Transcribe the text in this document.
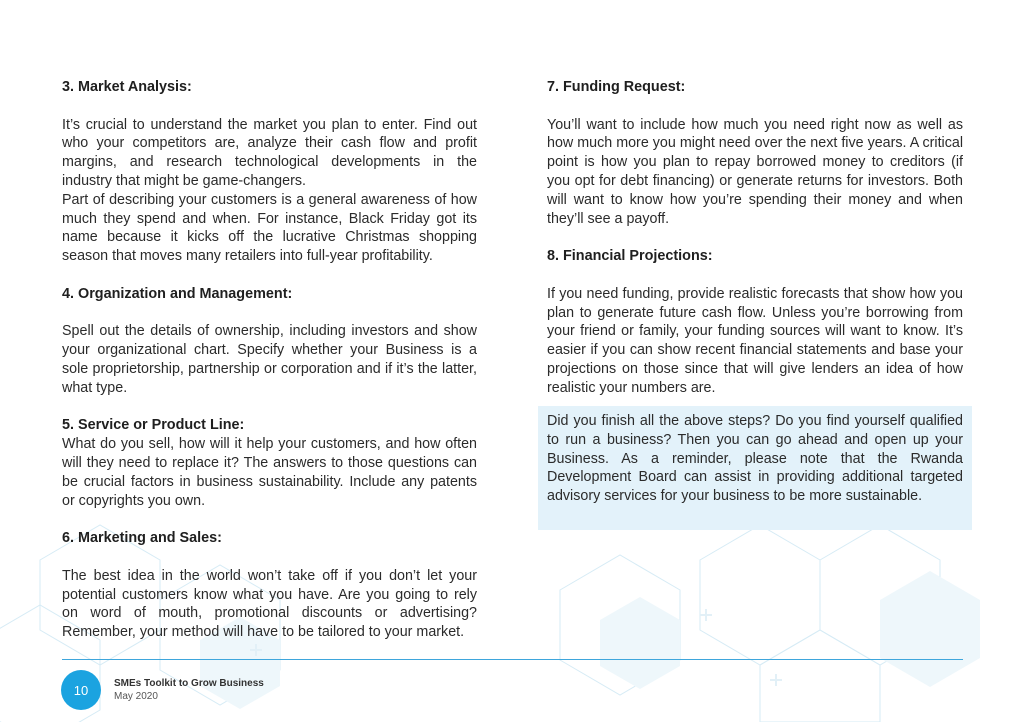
3. Market Analysis:

It’s crucial to understand the market you plan to enter. Find out who your competitors are, analyze their cash flow and profit margins, and research technological developments in the industry that might be game-changers.

Part of describing your customers is a general awareness of how much they spend and when. For instance, Black Friday got its name because it kicks off the lucrative Christmas shopping season that moves many retailers into full-year profitability.

4. Organization and Management:

Spell out the details of ownership, including investors and show your organizational chart. Specify whether your Business is a sole proprietorship, partnership or corporation and if it’s the latter, what type.

5. Service or Product Line:

What do you sell, how will it help your customers, and how often will they need to replace it? The answers to those questions can be crucial factors in business sustainability. Include any patents or copyrights you own.

6. Marketing and Sales:

The best idea in the world won’t take off if you don’t let your potential customers know what you have. Are you going to rely on word of mouth, promotional discounts or advertising? Remember, your method will have to be tailored to your market.

7. Funding Request:

You’ll want to include how much you need right now as well as how much more you might need over the next five years. A critical point is how you plan to repay borrowed money to creditors (if you opt for debt financing) or generate returns for investors. Both will want to know how you’re spending their money and when they’ll see a payoff.

8. Financial Projections:

If you need funding, provide realistic forecasts that show how you plan to generate future cash flow. Unless you’re borrowing from your friend or family, your funding sources will want to know. It’s easier if you can show recent financial statements and base your projections on those since that will give lenders an idea of how realistic your numbers are.

Did you finish all the above steps? Do you find yourself qualified to run a business? Then you can go ahead and open up your Business. As a reminder, please note that the Rwanda Development Board can assist in providing additional targeted advisory services for your business to be more sustainable.

10	SMEs Toolkit to Grow Business
May 2020
